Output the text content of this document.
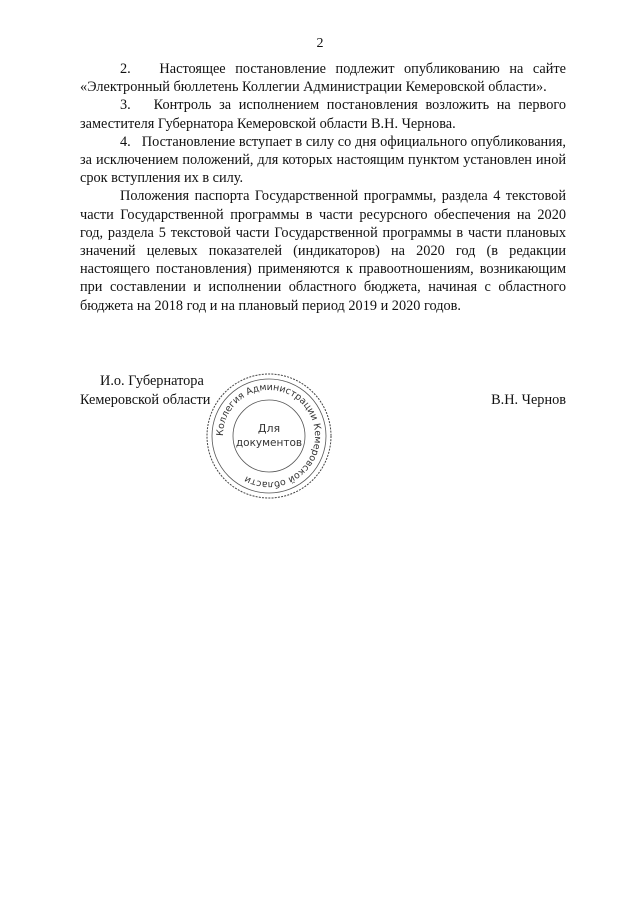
2

2.   Настоящее постановление подлежит опубликованию на сайте «Электронный бюллетень Коллегии Администрации Кемеровской области».

3.   Контроль за исполнением постановления возложить на первого заместителя Губернатора Кемеровской области В.Н. Чернова.

4.   Постановление вступает в силу со дня официального опубликования, за исключением положений, для которых настоящим пунктом установлен иной срок вступления их в силу.

Положения паспорта Государственной программы, раздела 4 текстовой части Государственной программы в части ресурсного обеспечения на 2020 год, раздела 5 текстовой части Государственной программы в части плановых значений целевых показателей (индикаторов) на 2020 год (в редакции настоящего постановления) применяются к правоотношениям, возникающим при составлении и исполнении областного бюджета, начиная с областного бюджета на 2018 год и на плановый период 2019 и 2020 годов.

И.о. Губернатора
Кемеровской области	В.Н. Чернов
Коллегия Администрации Кемеровской области
Для
документов
